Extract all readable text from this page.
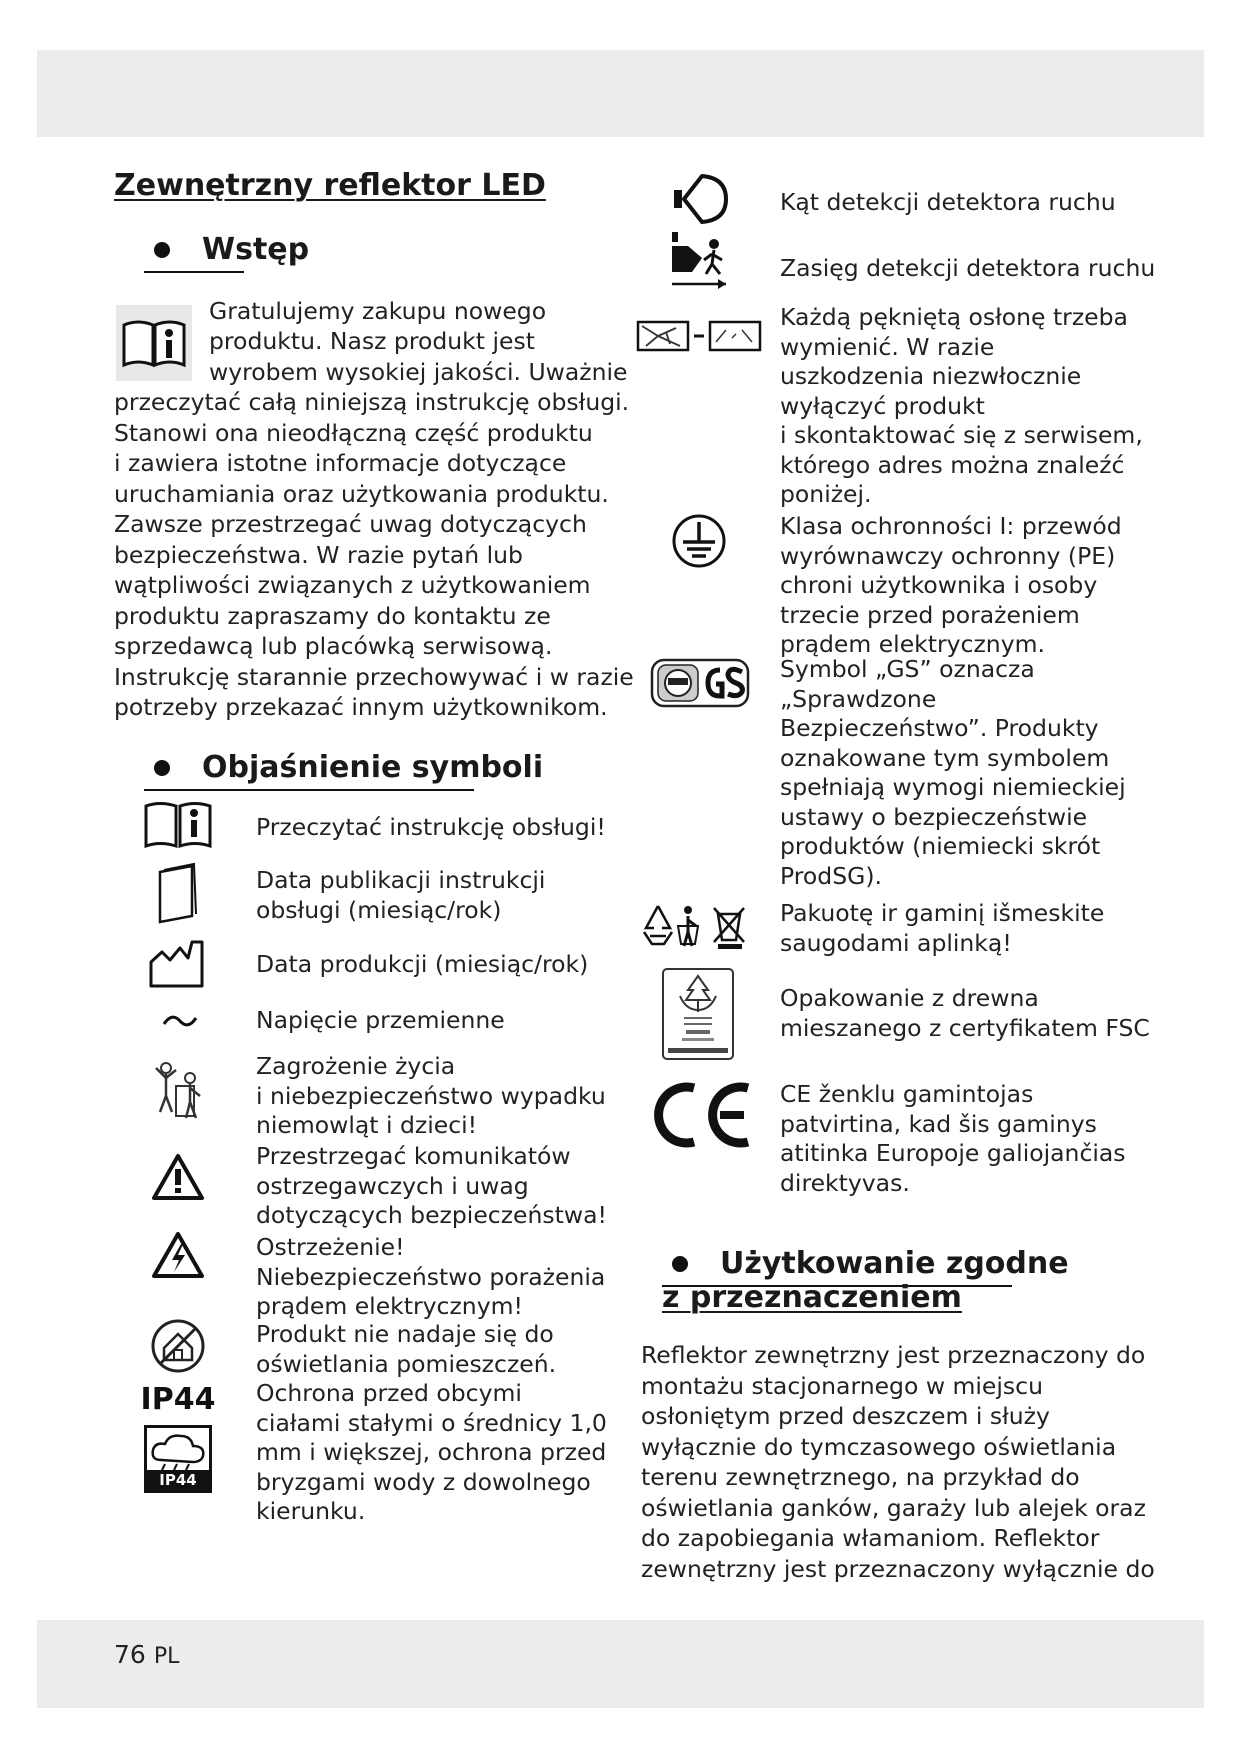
Zewnętrzny reflektor LED
Wstęp

Gratulujemy zakupu nowego

produktu. Nasz produkt jest

wyrobem wysokiej jakości. Uważnie

przeczytać całą niniejszą instrukcję obsługi.

Stanowi ona nieodłączną część produktu

i zawiera istotne informacje dotyczące

uruchamiania oraz użytkowania produktu.

Zawsze przestrzegać uwag dotyczących

bezpieczeństwa. W razie pytań lub

wątpliwości związanych z użytkowaniem

produktu zapraszamy do kontaktu ze

sprzedawcą lub placówką serwisową.

Instrukcję starannie przechowywać i w razie

potrzeby przekazać innym użytkownikom.

Objaśnienie symboli

Przeczytać instrukcję obsługi!

Data publikacji instrukcji
obsługi (miesiąc/rok)

Data produkcji (miesiąc/rok)

Napięcie przemienne

Zagrożenie życia
i niebezpieczeństwo wypadku
niemowląt i dzieci!

Przestrzegać komunikatów
ostrzegawczych i uwag
dotyczących bezpieczeństwa!

Ostrzeżenie!
Niebezpieczeństwo porażenia
prądem elektrycznym!

Produkt nie nadaje się do
oświetlania pomieszczeń.

IP44
IP44

Ochrona przed obcymi
ciałami stałymi o średnicy 1,0
mm i większej, ochrona przed
bryzgami wody z dowolnego
kierunku.

Kąt detekcji detektora ruchu

Zasięg detekcji detektora ruchu

Każdą pękniętą osłonę trzeba
wymienić. W razie
uszkodzenia niezwłocznie
wyłączyć produkt
i skontaktować się z serwisem,
którego adres można znaleźć
poniżej.

Klasa ochronności I: przewód
wyrównawczy ochronny (PE)
chroni użytkownika i osoby
trzecie przed porażeniem
prądem elektrycznym.

Symbol „GS” oznacza
„Sprawdzone
Bezpieczeństwo”. Produkty
oznakowane tym symbolem
spełniają wymogi niemieckiej
ustawy o bezpieczeństwie
produktów (niemiecki skrót
ProdSG).

Pakuotę ir gaminį išmeskite
saugodami aplinką!

Opakowanie z drewna
mieszanego z certyfikatem FSC

CE ženklu gamintojas
patvirtina, kad šis gaminys
atitinka Europoje galiojančias
direktyvas.

Użytkowanie zgodne
z przeznaczeniem

Reflektor zewnętrzny jest przeznaczony do

montażu stacjonarnego w miejscu

osłoniętym przed deszczem i służy

wyłącznie do tymczasowego oświetlania

terenu zewnętrznego, na przykład do

oświetlania ganków, garaży lub alejek oraz

do zapobiegania włamaniom. Reflektor

zewnętrzny jest przeznaczony wyłącznie do

76 PL
